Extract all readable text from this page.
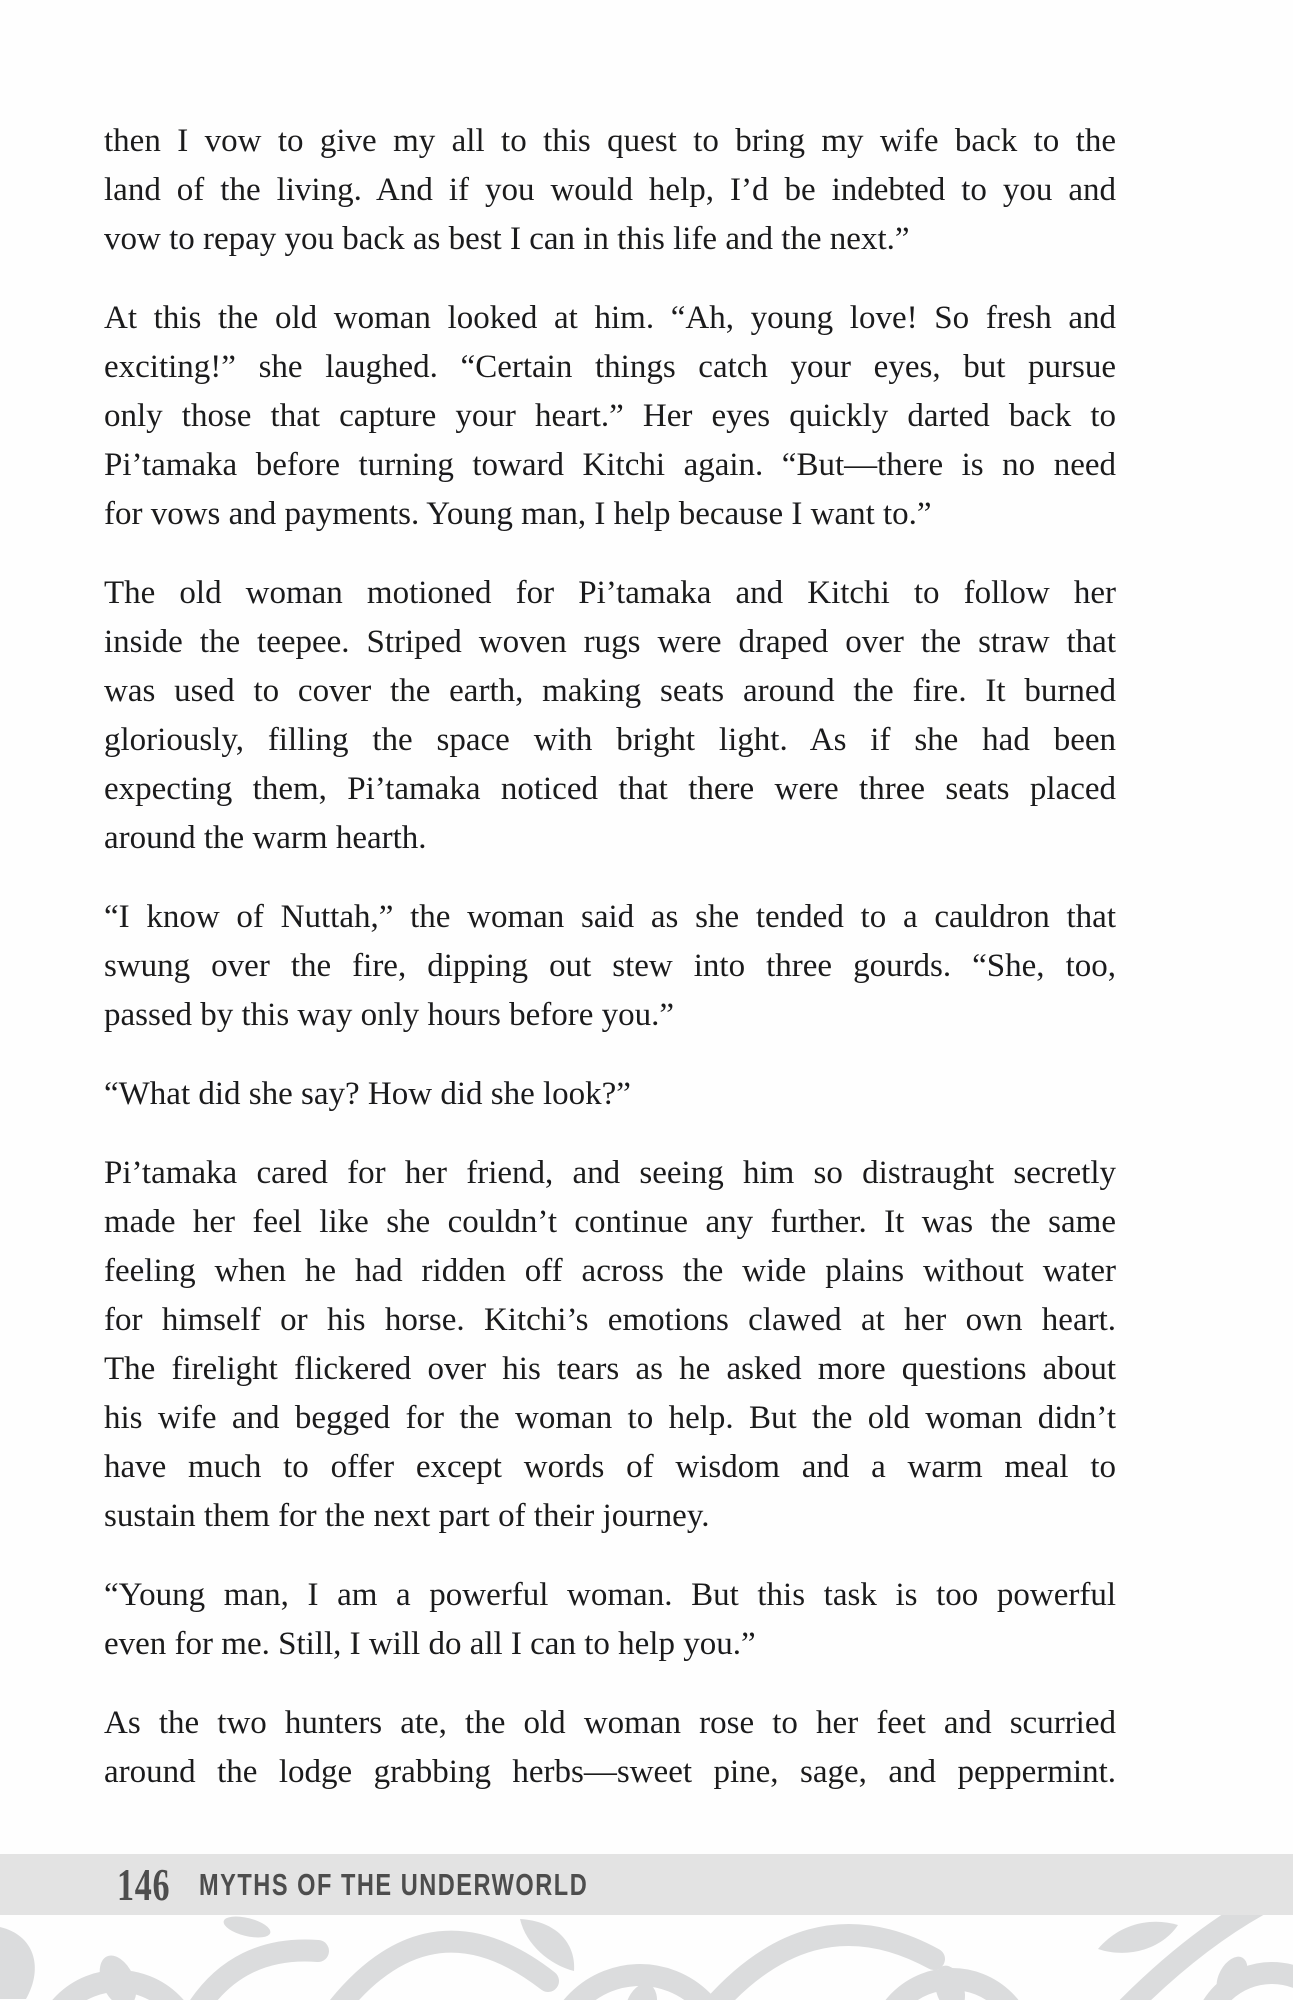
then I vow to give my all to this quest to bring my wife back to the
land of the living. And if you would help, I’d be indebted to you and
vow to repay you back as best I can in this life and the next.”
At this the old woman looked at him. “Ah, young love! So fresh and
exciting!” she laughed. “Certain things catch your eyes, but pursue
only those that capture your heart.” Her eyes quickly darted back to
Pi’tamaka before turning toward Kitchi again. “But—there is no need
for vows and payments. Young man, I help because I want to.”
The old woman motioned for Pi’tamaka and Kitchi to follow her
inside the teepee. Striped woven rugs were draped over the straw that
was used to cover the earth, making seats around the fire. It burned
gloriously, filling the space with bright light. As if she had been
expecting them, Pi’tamaka noticed that there were three seats placed
around the warm hearth.
“I know of Nuttah,” the woman said as she tended to a cauldron that
swung over the fire, dipping out stew into three gourds. “She, too,
passed by this way only hours before you.”
“What did she say? How did she look?”
Pi’tamaka cared for her friend, and seeing him so distraught secretly
made her feel like she couldn’t continue any further. It was the same
feeling when he had ridden off across the wide plains without water
for himself or his horse. Kitchi’s emotions clawed at her own heart.
The firelight flickered over his tears as he asked more questions about
his wife and begged for the woman to help. But the old woman didn’t
have much to offer except words of wisdom and a warm meal to
sustain them for the next part of their journey.
“Young man, I am a powerful woman. But this task is too powerful
even for me. Still, I will do all I can to help you.”
As the two hunters ate, the old woman rose to her feet and scurried
around the lodge grabbing herbs—sweet pine, sage, and peppermint.
146 MYTHS OF THE UNDERWORLD
